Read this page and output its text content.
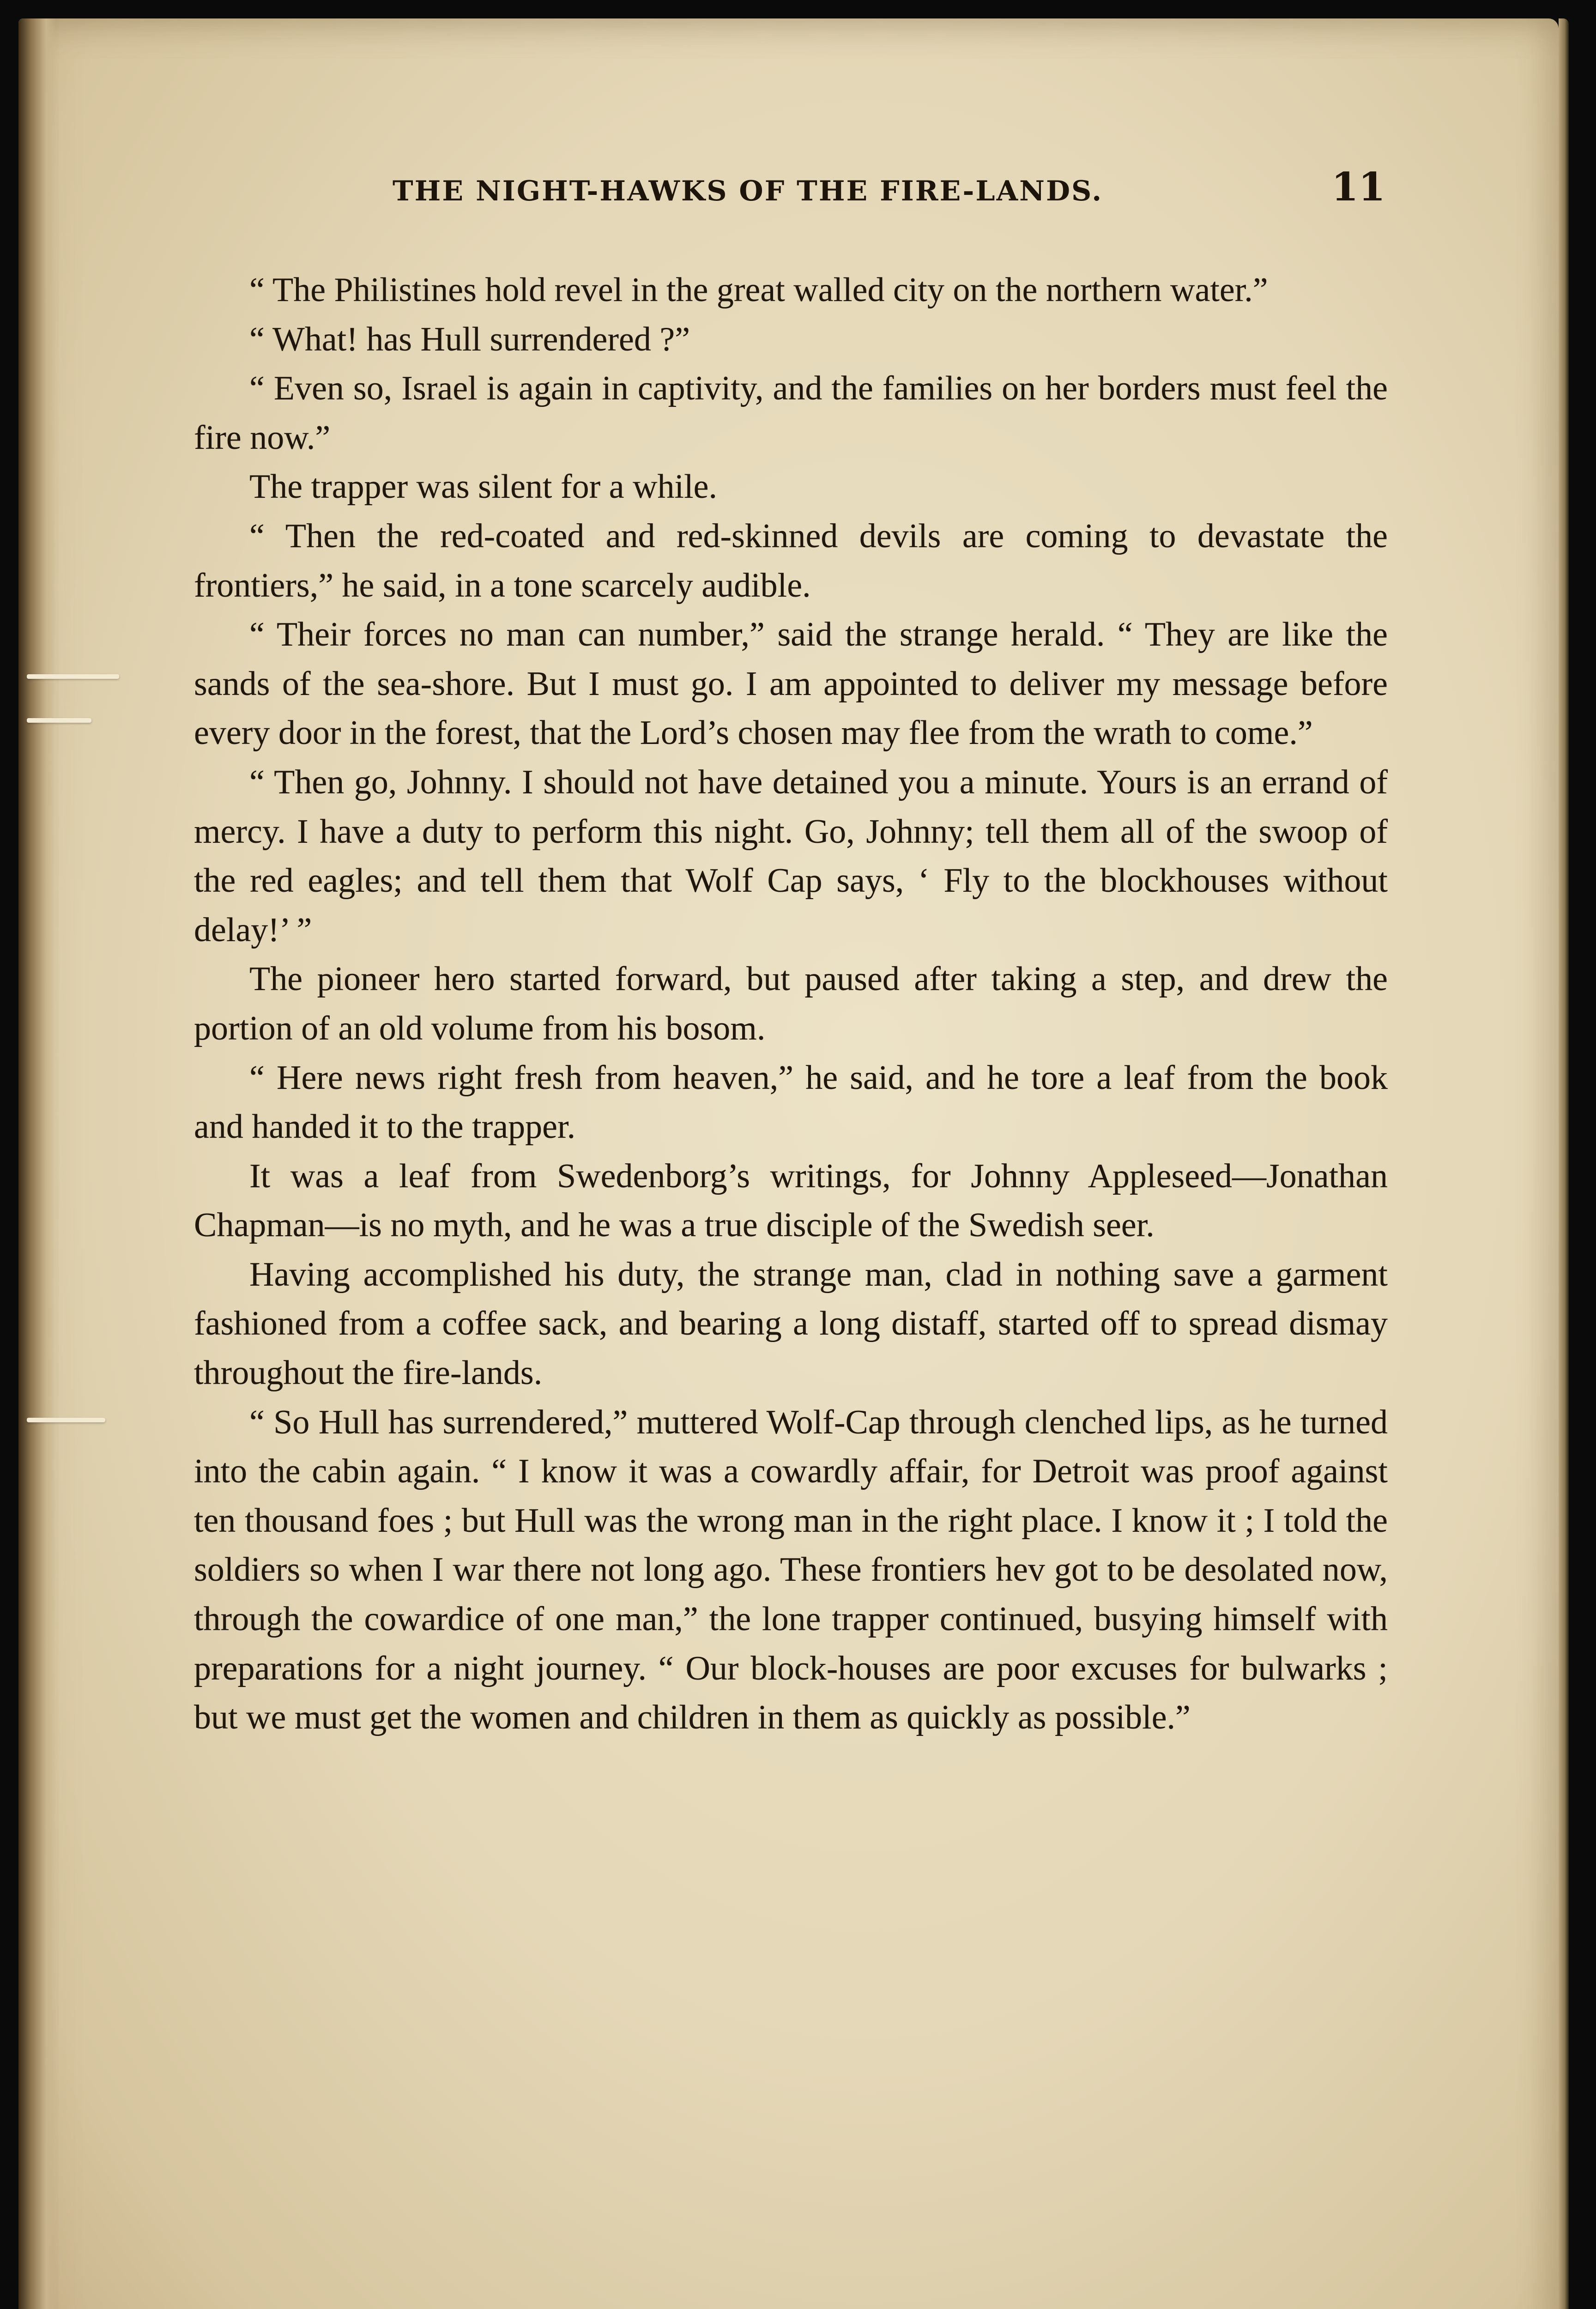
THE NIGHT-HAWKS OF THE FIRE-LANDS.	11

“ The Philistines hold revel in the great walled city on the northern water.”

“ What! has Hull surrendered ?”

“ Even so, Israel is again in captivity, and the families on her borders must feel the fire now.”

The trapper was silent for a while.

“ Then the red-coated and red-skinned devils are coming to devastate the frontiers,” he said, in a tone scarcely audible.

“ Their forces no man can number,” said the strange herald. “ They are like the sands of the sea-shore. But I must go. I am appointed to deliver my message before every door in the forest, that the Lord’s chosen may flee from the wrath to come.”

“ Then go, Johnny. I should not have detained you a minute. Yours is an errand of mercy. I have a duty to perform this night. Go, Johnny; tell them all of the swoop of the red eagles; and tell them that Wolf Cap says, ‘ Fly to the blockhouses without delay!’ ”

The pioneer hero started forward, but paused after taking a step, and drew the portion of an old volume from his bosom.

“ Here news right fresh from heaven,” he said, and he tore a leaf from the book and handed it to the trapper.

It was a leaf from Swedenborg’s writings, for Johnny Appleseed—Jonathan Chapman—is no myth, and he was a true disciple of the Swedish seer.

Having accomplished his duty, the strange man, clad in nothing save a garment fashioned from a coffee sack, and bearing a long distaff, started off to spread dismay throughout the fire-lands.

“ So Hull has surrendered,” muttered Wolf-Cap through clenched lips, as he turned into the cabin again. “ I know it was a cowardly affair, for Detroit was proof against ten thousand foes ; but Hull was the wrong man in the right place. I know it ; I told the soldiers so when I war there not long ago. These frontiers hev got to be desolated now, through the cowardice of one man,” the lone trapper continued, busying himself with preparations for a night journey. “ Our block-houses are poor excuses for bulwarks ; but we must get the women and children in them as quickly as possible.”
